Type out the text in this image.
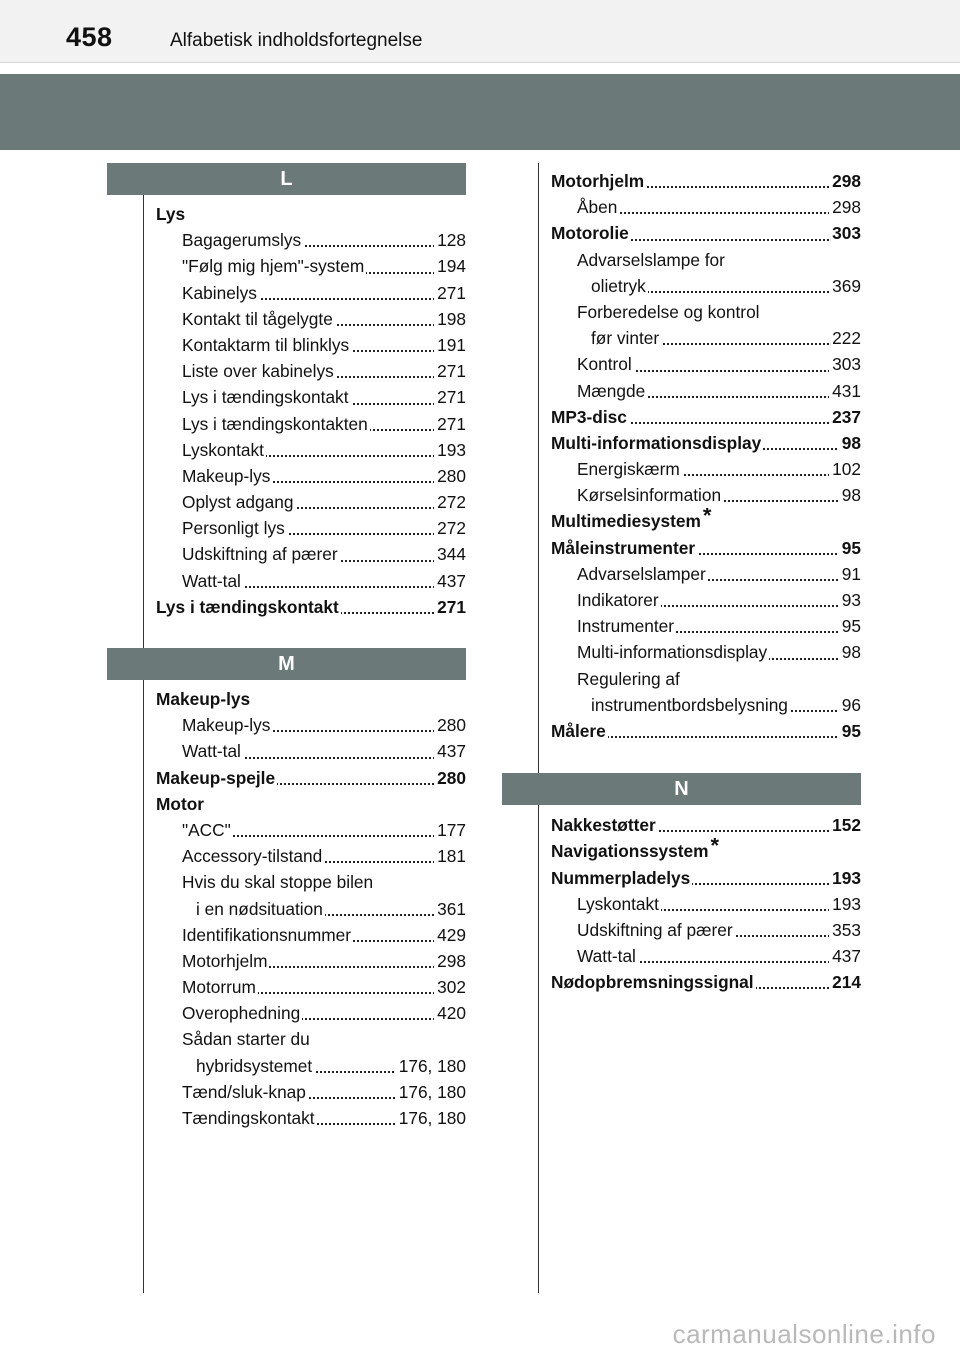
458	Alfabetisk indholdsfortegnelse
L
Lys
Bagagerumslys	128
"Følg mig hjem"-system	194
Kabinelys	271
Kontakt til tågelygte	198
Kontaktarm til blinklys	191
Liste over kabinelys	271
Lys i tændingskontakt	271
Lys i tændingskontakten	271
Lyskontakt	193
Makeup-lys	280
Oplyst adgang	272
Personligt lys	272
Udskiftning af pærer	344
Watt-tal	437
Lys i tændingskontakt	271
M
Makeup-lys
Makeup-lys	280
Watt-tal	437
Makeup-spejle	280
Motor
"ACC"	177
Accessory-tilstand	181
Hvis du skal stoppe bilen
i en nødsituation	361
Identifikationsnummer	429
Motorhjelm	298
Motorrum	302
Overophedning	420
Sådan starter du
hybridsystemet	176, 180
Tænd/sluk-knap	176, 180
Tændingskontakt	176, 180
Motorhjelm	298
Åben	298
Motorolie	303
Advarselslampe for
olietryk	369
Forberedelse og kontrol
før vinter	222
Kontrol	303
Mængde	431
MP3-disc	237
Multi-informationsdisplay	98
Energiskærm	102
Kørselsinformation	98
Multimediesystem*
Måleinstrumenter	95
Advarselslamper	91
Indikatorer	93
Instrumenter	95
Multi-informationsdisplay	98
Regulering af
instrumentbordsbelysning	96
Målere	95
N
Nakkestøtter	152
Navigationssystem*
Nummerpladelys	193
Lyskontakt	193
Udskiftning af pærer	353
Watt-tal	437
Nødopbremsningssignal	214
carmanualsonline.info
